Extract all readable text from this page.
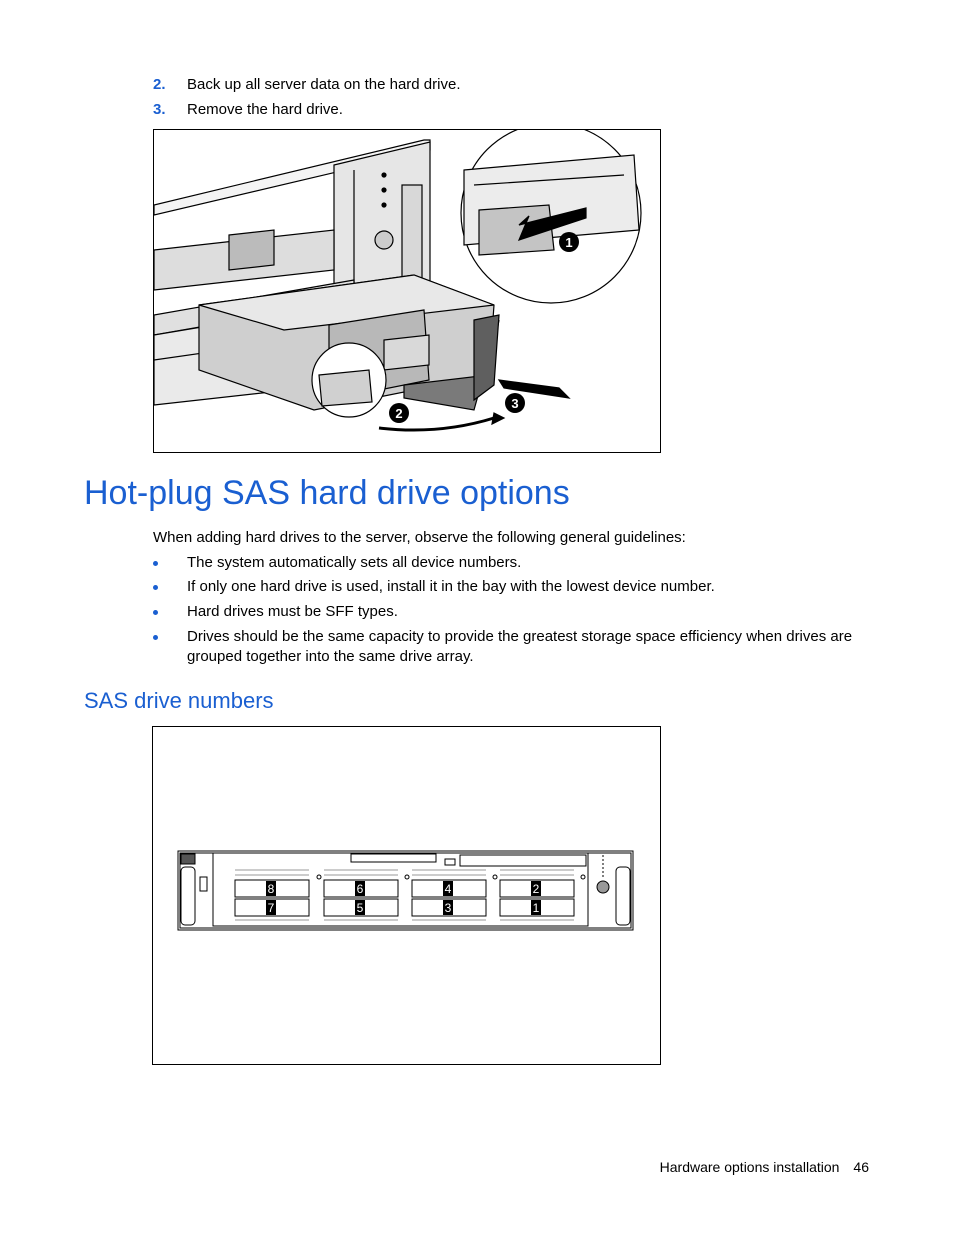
2. Back up all server data on the hard drive.
3. Remove the hard drive.
1
2
3
Hot-plug SAS hard drive options
When adding hard drives to the server, observe the following general guidelines:
The system automatically sets all device numbers.
If only one hard drive is used, install it in the bay with the lowest device number.
Hard drives must be SFF types.
Drives should be the same capacity to provide the greatest storage space efficiency when drives are grouped together into the same drive array.
SAS drive numbers
8	6	4	2
7	5	3	1
Hardware options installation 46
